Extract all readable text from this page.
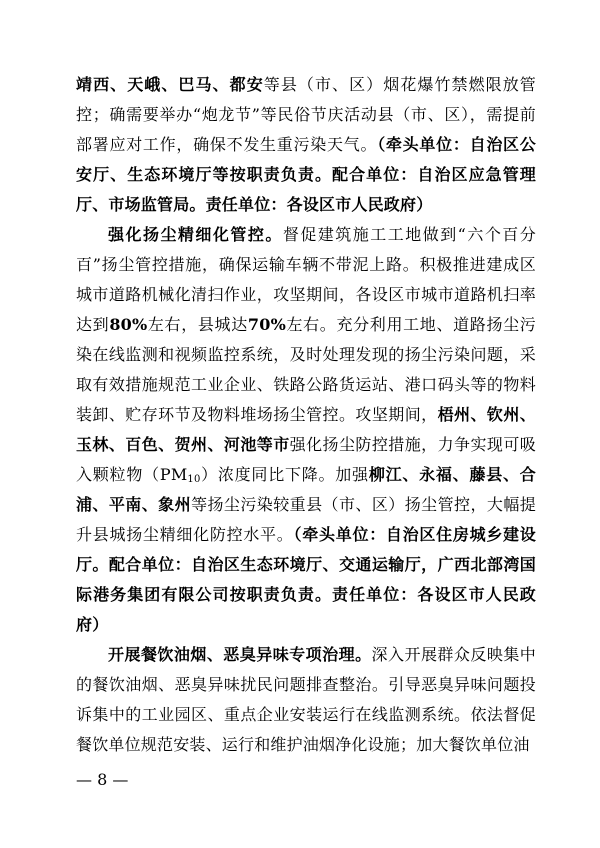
靖西、天峨、巴马、都安等县（市、区）烟花爆竹禁燃限放管控；确需要举办“炮龙节”等民俗节庆活动县（市、区），需提前部署应对工作，确保不发生重污染天气。（牵头单位：自治区公安厅、生态环境厅等按职责负责。配合单位：自治区应急管理厅、市场监管局。责任单位：各设区市人民政府）

强化扬尘精细化管控。督促建筑施工工地做到“六个百分百”扬尘管控措施，确保运输车辆不带泥上路。积极推进建成区城市道路机械化清扫作业，攻坚期间，各设区市城市道路机扫率达到80%左右，县城达70%左右。充分利用工地、道路扬尘污染在线监测和视频监控系统，及时处理发现的扬尘污染问题，采取有效措施规范工业企业、铁路公路货运站、港口码头等的物料装卸、贮存环节及物料堆场扬尘管控。攻坚期间，梧州、钦州、玉林、百色、贺州、河池等市强化扬尘防控措施，力争实现可吸入颗粒物$(PM_{10})$浓度同比下降。加强柳江、永福、藤县、合浦、平南、象州等扬尘污染较重县（市、区）扬尘管控，大幅提升县城扬尘精细化防控水平。（牵头单位：自治区住房城乡建设厅。配合单位：自治区生态环境厅、交通运输厅，广西北部湾国际港务集团有限公司按职责负责。责任单位：各设区市人民政府）

开展餐饮油烟、恶臭异味专项治理。深入开展群众反映集中的餐饮油烟、恶臭异味扰民问题排查整治。引导恶臭异味问题投诉集中的工业园区、重点企业安装运行在线监测系统。依法督促餐饮单位规范安装、运行和维护油烟净化设施；加大餐饮单位油

— 8 —
